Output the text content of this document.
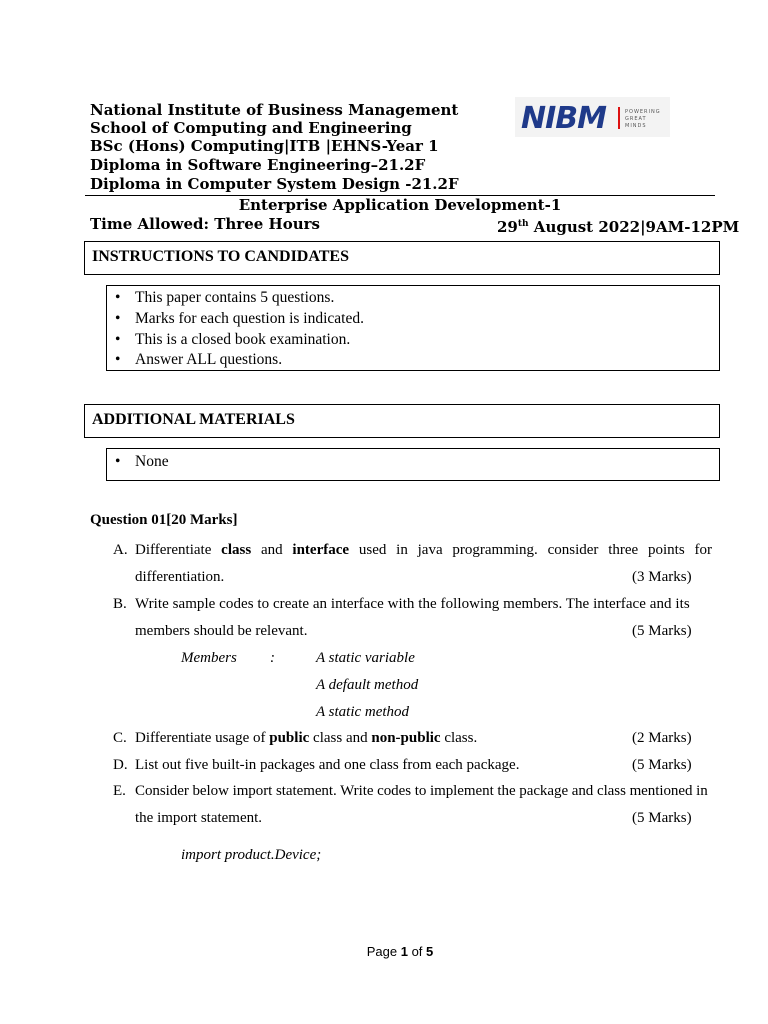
National Institute of Business Management
School of Computing and Engineering
BSc (Hons) Computing|ITB |EHNS-Year 1
Diploma in Software Engineering–21.2F
Diploma in Computer System Design -21.2F
NIBM	POWERING
GREAT
MINDS
Enterprise Application Development-1
Time Allowed: Three Hours	29th August 2022|9AM-12PM
INSTRUCTIONS TO CANDIDATES
• This paper contains 5 questions.
• Marks for each question is indicated.
• This is a closed book examination.
• Answer ALL questions.
ADDITIONAL MATERIALS
• None
Question 01[20 Marks]
A. Differentiate class and interface used in java programming. consider three points for
differentiation.	(3 Marks)
B. Write sample codes to create an interface with the following members. The interface and its
members should be relevant.	(5 Marks)
Members :	A static variable
A default method
A static method
C. Differentiate usage of public class and non-public class.	(2 Marks)
D. List out five built-in packages and one class from each package.	(5 Marks)
E. Consider below import statement. Write codes to implement the package and class mentioned in
the import statement.	(5 Marks)
import product.Device;
Page 1 of 5
